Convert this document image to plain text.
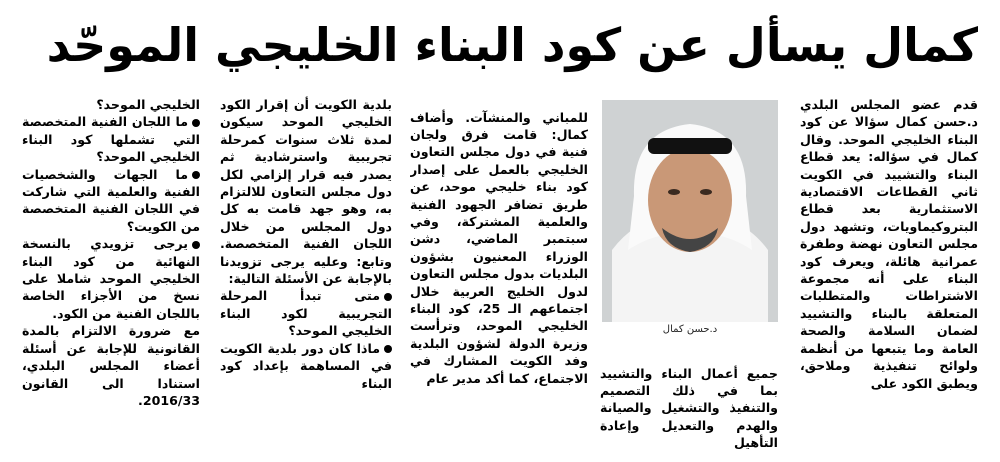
كمال يسأل عن كود البناء الخليجي الموحّد

قدم عضو المجلس البلدي د.حسن كمال سؤالا عن كود البناء الخليجي الموحد. وقال كمال في سؤاله: يعد قطاع البناء والتشييد في الكويت ثاني القطاعات الاقتصادية الاستثمارية بعد قطاع البتروكيماويات، وتشهد دول مجلس التعاون نهضة وطفرة عمرانية هائلة، ويعرف كود البناء على أنه مجموعة الاشتراطات والمتطلبات المتعلقة بالبناء والتشييد لضمان السلامة والصحة العامة وما يتبعها من أنظمة ولوائح تنفيذية وملاحق، ويطبق الكود على

د.حسن كمال

جميع أعمال البناء والتشييد بما في ذلك التصميم والتنفيذ والتشغيل والصيانة والهدم والتعديل وإعادة التأهيل

للمباني والمنشآت. وأضاف كمال: قامت فرق ولجان فنية في دول مجلس التعاون الخليجي بالعمل على إصدار كود بناء خليجي موحد، عن طريق تضافر الجهود الفنية والعلمية المشتركة، وفي سبتمبر الماضي، دشن الوزراء المعنيون بشؤون البلديات بدول مجلس التعاون لدول الخليج العربية خلال اجتماعهم الـ 25، كود البناء الخليجي الموحد، وترأست وزيرة الدولة لشؤون البلدية وفد الكويت المشارك في الاجتماع، كما أكد مدير عام

بلدية الكويت أن إقرار الكود الخليجي الموحد سيكون لمدة ثلاث سنوات كمرحلة تجريبية واسترشادية ثم يصدر فيه قرار إلزامي لكل دول مجلس التعاون للالتزام به، وهو جهد قامت به كل دول المجلس من خلال اللجان الفنية المتخصصة. وتابع: وعليه يرجى تزويدنا بالإجابة عن الأسئلة التالية:

متى تبدأ المرحلة التجريبية لكود البناء الخليجي الموحد؟

ماذا كان دور بلدية الكويت في المساهمة بإعداد كود البناء

الخليجي الموحد؟

ما اللجان الفنية المتخصصة التي تشملها كود البناء الخليجي الموحد؟

ما الجهات والشخصيات الفنية والعلمية التي شاركت في اللجان الفنية المتخصصة من الكويت؟

يرجى تزويدي بالنسخة النهائية من كود البناء الخليجي الموحد شاملا على نسخ من الأجزاء الخاصة باللجان الفنية من الكود.

مع ضرورة الالتزام بالمدة القانونية للإجابة عن أسئلة أعضاء المجلس البلدي، استنادا الى القانون 2016/33.
